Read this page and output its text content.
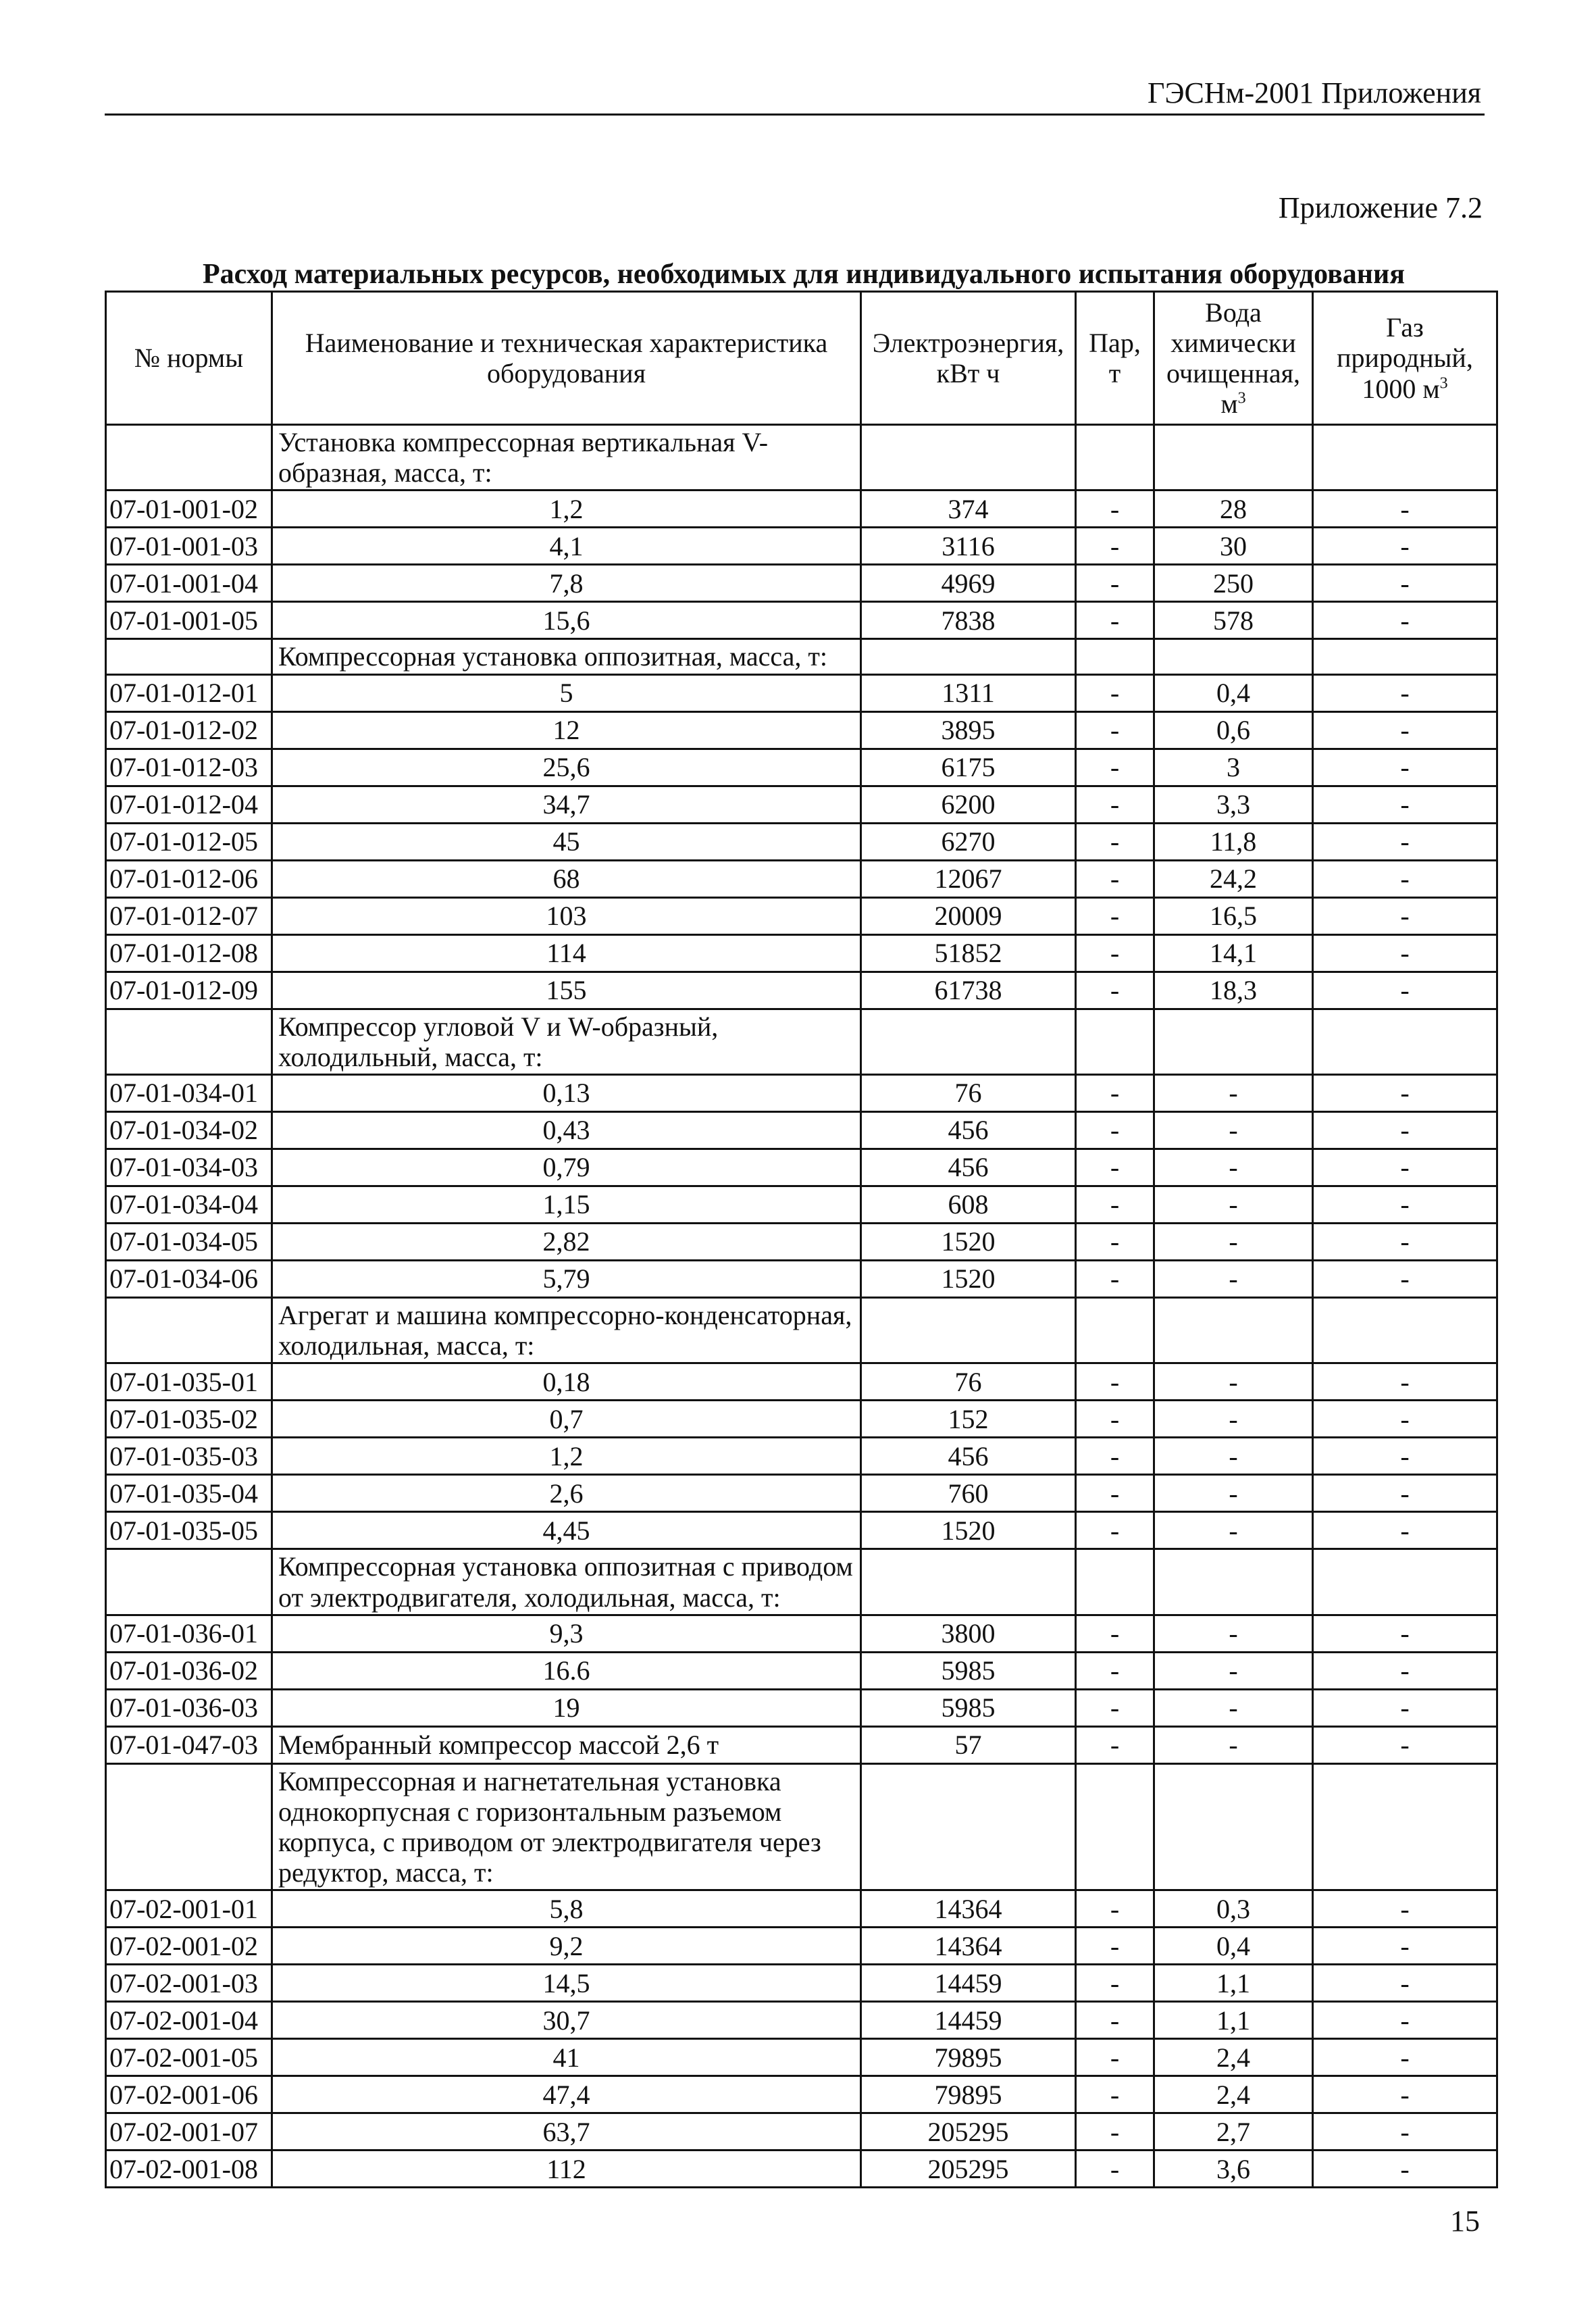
ГЭСНм-2001 Приложения
Приложение 7.2
Расход материальных ресурсов, необходимых для индивидуального испытания оборудования
№ нормы	Наименование и техническая характеристика оборудования	Электроэнергия, кВт ч	Пар, т	Вода химически очищенная, $м^3$	Газ природный, 1000 $м^3$
	Установка компрессорная вертикальная V-образная, масса, т:				
07-01-001-02	1,2	374	-	28	-
07-01-001-03	4,1	3116	-	30	-
07-01-001-04	7,8	4969	-	250	-
07-01-001-05	15,6	7838	-	578	-
	Компрессорная установка оппозитная, масса, т:				
07-01-012-01	5	1311	-	0,4	-
07-01-012-02	12	3895	-	0,6	-
07-01-012-03	25,6	6175	-	3	-
07-01-012-04	34,7	6200	-	3,3	-
07-01-012-05	45	6270	-	11,8	-
07-01-012-06	68	12067	-	24,2	-
07-01-012-07	103	20009	-	16,5	-
07-01-012-08	114	51852	-	14,1	-
07-01-012-09	155	61738	-	18,3	-
	Компрессор угловой V и W-образный, холодильный, масса, т:				
07-01-034-01	0,13	76	-	-	-
07-01-034-02	0,43	456	-	-	-
07-01-034-03	0,79	456	-	-	-
07-01-034-04	1,15	608	-	-	-
07-01-034-05	2,82	1520	-	-	-
07-01-034-06	5,79	1520	-	-	-
	Агрегат и машина компрессорно-конденсаторная, холодильная, масса, т:				
07-01-035-01	0,18	76	-	-	-
07-01-035-02	0,7	152	-	-	-
07-01-035-03	1,2	456	-	-	-
07-01-035-04	2,6	760	-	-	-
07-01-035-05	4,45	1520	-	-	-
	Компрессорная установка оппозитная с приводом от электродвигателя, холодильная, масса, т:				
07-01-036-01	9,3	3800	-	-	-
07-01-036-02	16.6	5985	-	-	-
07-01-036-03	19	5985	-	-	-
07-01-047-03	Мембранный компрессор массой 2,6 т	57	-	-	-
	Компрессорная и нагнетательная установка однокорпусная с горизонтальным разъемом корпуса, с приводом от электродвигателя через редуктор, масса, т:				
07-02-001-01	5,8	14364	-	0,3	-
07-02-001-02	9,2	14364	-	0,4	-
07-02-001-03	14,5	14459	-	1,1	-
07-02-001-04	30,7	14459	-	1,1	-
07-02-001-05	41	79895	-	2,4	-
07-02-001-06	47,4	79895	-	2,4	-
07-02-001-07	63,7	205295	-	2,7	-
07-02-001-08	112	205295	-	3,6	-
15
